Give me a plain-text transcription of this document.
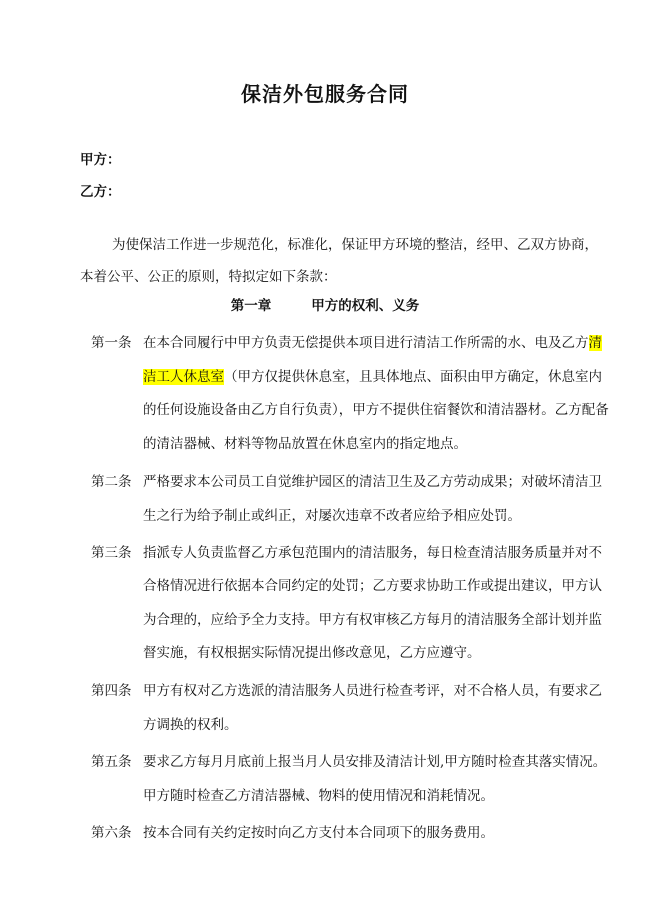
保洁外包服务合同
甲方：
乙方：
为使保洁工作进一步规范化，标准化，保证甲方环境的整洁，经甲、乙双方协商，
本着公平、公正的原则，特拟定如下条款：
第一章	甲方的权利、义务
第一条 在本合同履行中甲方负责无偿提供本项目进行清洁工作所需的水、电及乙方清
洁工人休息室（甲方仅提供休息室，且具体地点、面积由甲方确定，休息室内
的任何设施设备由乙方自行负责），甲方不提供住宿餐饮和清洁器材。乙方配备
的清洁器械、材料等物品放置在休息室内的指定地点。
第二条 严格要求本公司员工自觉维护园区的清洁卫生及乙方劳动成果；对破坏清洁卫
生之行为给予制止或纠正，对屡次违章不改者应给予相应处罚。
第三条 指派专人负责监督乙方承包范围内的清洁服务，每日检查清洁服务质量并对不
合格情况进行依据本合同约定的处罚；乙方要求协助工作或提出建议，甲方认
为合理的，应给予全力支持。甲方有权审核乙方每月的清洁服务全部计划并监
督实施，有权根据实际情况提出修改意见，乙方应遵守。
第四条 甲方有权对乙方选派的清洁服务人员进行检查考评，对不合格人员，有要求乙
方调换的权利。
第五条 要求乙方每月月底前上报当月人员安排及清洁计划,甲方随时检查其落实情况。
甲方随时检查乙方清洁器械、物料的使用情况和消耗情况。
第六条 按本合同有关约定按时向乙方支付本合同项下的服务费用。
